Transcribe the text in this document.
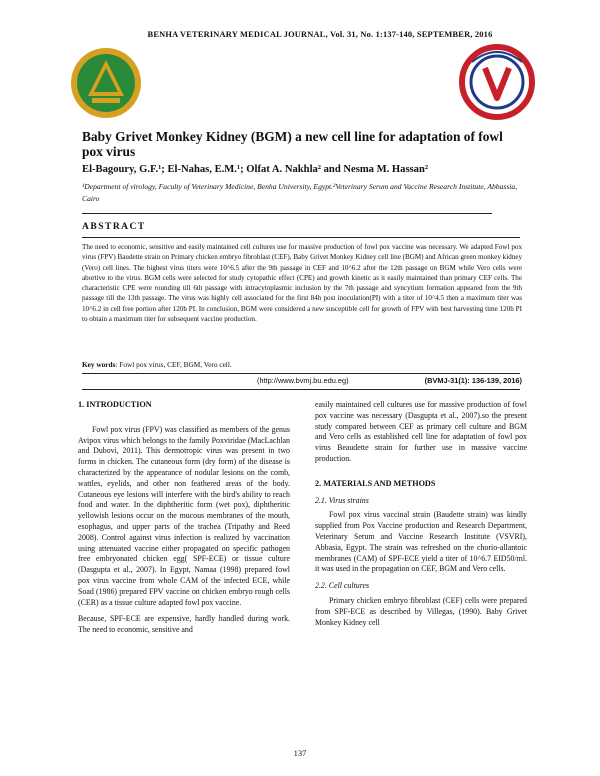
BENHA VETERINARY MEDICAL JOURNAL, Vol. 31, No. 1:137-140, SEPTEMBER, 2016
Baby Grivet Monkey Kidney (BGM) a new cell line for adaptation of fowl pox virus
El-Bagoury, G.F.¹; El-Nahas, E.M.¹; Olfat A. Nakhla² and Nesma M. Hassan²
¹Department of virology, Faculty of Veterinary Medicine, Benha University, Egypt.²Veterinary Serum and Vaccine Research Institute, Abbassia, Cairo
ABSTRACT
The need to economic, sensitive and easily maintained cell cultures use for massive production of fowl pox vaccine was necessary. We adapted Fowl pox virus (FPV) Baudette strain on Primary chicken embryo fibroblast (CEF), Baby Grivet Monkey Kidney cell line (BGM) and African green monkey kidney (Vero) cell lines. The highest virus titers were 10^6.5 after the 9th passage in CEF and 10^6.2 after the 12th passage on BGM while Vero cells were abortive to the virus. BGM cells were selected for study cytopathic effect (CPE) and growth kinetic as it easily maintained than primary CEF cells. The characteristic CPE were rounding till 6th passage with intracytoplasmic inclusion by the 7th passage and syncytium formation appeared from the 9th passage till the 13th passage. The virus was highly cell associated for the first 84h post inoculation(PI) with a titer of 10^4.5 then a maximum titer was 10^6.2 in cell free portion after 120h PI. In conclusion, BGM were considered a new susceptible cell for growth of FPV with best harvesting time 120h PI to obtain a maximum titer for subsequent vaccine production.
Key words: Fowl pox virus, CEF, BGM, Vero cell.
(http://www.bvmj.bu.edu.eg)	(BVMJ-31(1): 136-139, 2016)
1. INTRODUCTION

Fowl pox virus (FPV) was classified as members of the genus Avipox virus which belongs to the family Poxviridae (MacLachlan and Dubovi, 2011). This dermotropic virus was present in two forms in chicken. The cutaneous form (dry form) of the disease is characterized by the appearance of nodular lesions on the comb, wattles, eyelids, and other non feathered areas of the body. Cutaneous eye lesions will interfere with the bird's ability to reach food and water. In the diphtheritic form (wet pox), diphtheritic yellowish lesions occur on the mucous membranes of the mouth, esophagus, and upper parts of the trachea (Tripathy and Reed 2008). Control against virus infection is realized by vaccination using attenuated vaccine either propagated on specific pathogen free embryonated chicken egg( SPF-ECE) or tissue culture (Dasgupta et al., 2007). In Egypt, Namaa (1998) prepared fowl pox virus vaccine from whole CAM of the infected ECE, while Soad (1986) prepared FPV vaccine on chicken embryo rough cells (CER) as a tissue culture adapted fowl pox vaccine.

Because, SPF-ECE are expensive, hardly handled during work. The need to economic, sensitive and

easily maintained cell cultures use for massive production of fowl pox vaccine was necessary (Dasgupta et al., 2007).so the present study compared between CEF as primary cell culture and BGM and Vero cells as established cell line for adaptation of fowl pox virus Beaudette strain for further use in massive vaccine production.

2. MATERIALS AND METHODS
2.1. Virus strains

Fowl pox virus vaccinal strain (Baudette strain) was kindly supplied from Pox Vaccine production and Research Department, Veterinary Serum and Vaccine Research Institute (VSVRI), Abbasia, Egypt. The strain was refreshed on the chorio-allantoic membranes (CAM) of SPF-ECE yield a titer of 10^6.7 EID50/ml. it was used in the propagation on CEF, BGM and Vero cells.

2.2. Cell cultures

Primary chicken embryo fibroblast (CEF) cells were prepared from SPF-ECE as described by Villegas, (1990). Baby Grivet Monkey Kidney cell

137
